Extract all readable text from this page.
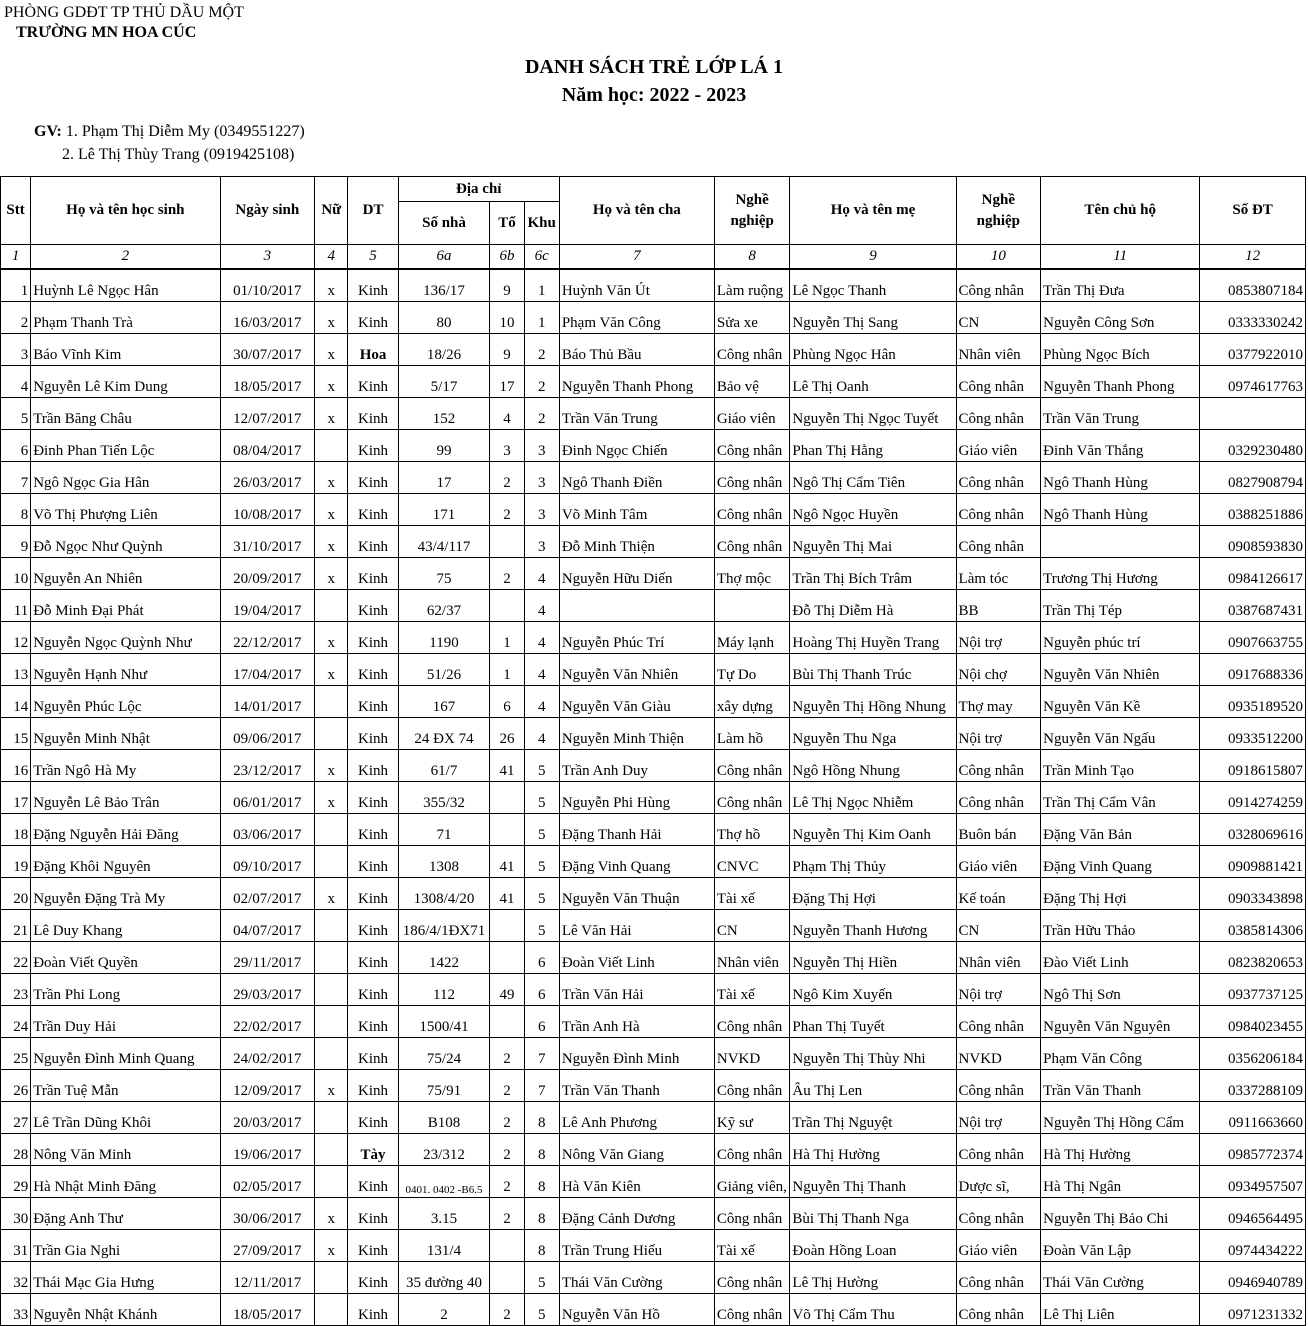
PHÒNG GDĐT TP THỦ DẦU MỘT
TRƯỜNG MN HOA CÚC
DANH SÁCH TRẺ LỚP LÁ 1
Năm học: 2022 - 2023
GV: 1. Phạm Thị Diễm My (0349551227)
2. Lê Thị Thùy Trang (0919425108)
Stt	Họ và tên học sinh	Ngày sinh	Nữ	DT	Địa chỉ			Họ và tên cha	Nghề nghiệp	Họ và tên mẹ	Nghề nghiệp	Tên chủ hộ	Số ĐT
					Số nhà	Tổ	Khu						
1	2	3	4	5	6a	6b	6c	7	8	9	10	11	12
1	Huỳnh Lê Ngọc Hân	01/10/2017	x	Kinh	136/17	9	1	Huỳnh Văn Út	Làm ruộng	Lê Ngọc Thanh	Công nhân	Trần Thị Đưa	0853807184
2	Phạm Thanh Trà	16/03/2017	x	Kinh	80	10	1	Phạm Văn Công	Sửa xe	Nguyễn Thị Sang	CN	Nguyễn Công Sơn	0333330242
3	Báo Vĩnh Kim	30/07/2017	x	Hoa	18/26	9	2	Báo Thủ Bầu	Công nhân	Phùng Ngọc Hân	Nhân viên	Phùng Ngọc Bích	0377922010
4	Nguyễn Lê Kim Dung	18/05/2017	x	Kinh	5/17	17	2	Nguyễn Thanh Phong	Bảo vệ	Lê Thị Oanh	Công nhân	Nguyễn Thanh Phong	0974617763
5	Trần Băng Châu	12/07/2017	x	Kinh	152	4	2	Trần Văn Trung	Giáo viên	Nguyễn Thị Ngọc Tuyết	Công nhân	Trần Văn Trung	
6	Đinh Phan Tiến Lộc	08/04/2017		Kinh	99	3	3	Đinh Ngọc Chiến	Công nhân	Phan Thị Hằng	Giáo viên	Đinh Văn Thắng	0329230480
7	Ngô Ngọc Gia Hân	26/03/2017	x	Kinh	17	2	3	Ngô Thanh Điền	Công nhân	Ngô Thị Cẩm Tiên	Công nhân	Ngô Thanh Hùng	0827908794
8	Võ Thị Phượng Liên	10/08/2017	x	Kinh	171	2	3	Võ Minh Tâm	Công nhân	Ngô Ngọc Huyền	Công nhân	Ngô Thanh Hùng	0388251886
9	Đỗ Ngọc Như Quỳnh	31/10/2017	x	Kinh	43/4/117		3	Đỗ Minh Thiện	Công nhân	Nguyễn Thị Mai	Công nhân		0908593830
10	Nguyễn An Nhiên	20/09/2017	x	Kinh	75	2	4	Nguyễn Hữu Diến	Thợ mộc	Trần Thị Bích Trâm	Làm tóc	Trương Thị Hương	0984126617
11	Đỗ Minh Đại Phát	19/04/2017		Kinh	62/37		4			Đỗ Thị Diễm Hà	BB	Trần Thị Tép	0387687431
12	Nguyễn Ngọc Quỳnh Như	22/12/2017	x	Kinh	1190	1	4	Nguyễn Phúc Trí	Máy lạnh	Hoàng Thị Huyền Trang	Nội trợ	Nguyễn phúc trí	0907663755
13	Nguyễn Hạnh Như	17/04/2017	x	Kinh	51/26	1	4	Nguyễn Văn Nhiên	Tự Do	Bùi Thị Thanh Trúc	Nội chợ	Nguyễn Văn Nhiên	0917688336
14	Nguyễn Phúc Lộc	14/01/2017		Kinh	167	6	4	Nguyễn Văn Giàu	xây dựng	Nguyễn Thị Hồng Nhung	Thợ may	Nguyễn Văn Kề	0935189520
15	Nguyễn Minh Nhật	09/06/2017		Kinh	24 ĐX 74	26	4	Nguyễn Minh Thiện	Làm hồ	Nguyễn Thu Nga	Nội trợ	Nguyễn Văn Ngấu	0933512200
16	Trần Ngô Hà My	23/12/2017	x	Kinh	61/7	41	5	Trần Anh Duy	Công nhân	Ngô Hồng Nhung	Công nhân	Trần Minh Tạo	0918615807
17	Nguyễn Lê Bảo Trân	06/01/2017	x	Kinh	355/32		5	Nguyễn Phi Hùng	Công nhân	Lê Thị Ngọc Nhiễm	Công nhân	Trần Thị Cẩm Vân	0914274259
18	Đặng Nguyễn Hải Đăng	03/06/2017		Kinh	71		5	Đặng Thanh Hải	Thợ hồ	Nguyễn Thị Kim Oanh	Buôn bán	Đặng Văn Bản	0328069616
19	Đặng Khôi Nguyên	09/10/2017		Kinh	1308	41	5	Đặng Vinh Quang	CNVC	Phạm Thị Thủy	Giáo viên	Đặng Vinh Quang	0909881421
20	Nguyễn Đặng Trà My	02/07/2017	x	Kinh	1308/4/20	41	5	Nguyễn Văn Thuận	Tài xế	Đặng Thị Hợi	Kế toán	Đặng Thị Hợi	0903343898
21	Lê Duy Khang	04/07/2017		Kinh	186/4/1ĐX71		5	Lê Văn Hải	CN	Nguyễn Thanh Hương	CN	Trần Hữu Thảo	0385814306
22	Đoàn Viết Quyền	29/11/2017		Kinh	1422		6	Đoàn Viết Linh	Nhân viên	Nguyễn Thị Hiền	Nhân viên	Đào Viết Linh	0823820653
23	Trần Phi Long	29/03/2017		Kinh	112	49	6	Trần Văn Hải	Tài xế	Ngô Kim Xuyến	Nội trợ	Ngô Thị Sơn	0937737125
24	Trần Duy Hải	22/02/2017		Kinh	1500/41		6	Trần Anh Hà	Công nhân	Phan Thị Tuyết	Công nhân	Nguyễn Văn Nguyên	0984023455
25	Nguyễn Đình Minh Quang	24/02/2017		Kinh	75/24	2	7	Nguyễn Đình Minh	NVKD	Nguyễn Thị Thùy Nhi	NVKD	Phạm Văn Công	0356206184
26	Trần Tuệ Mẫn	12/09/2017	x	Kinh	75/91	2	7	Trần Văn Thanh	Công nhân	Âu Thị Len	Công nhân	Trần Văn Thanh	0337288109
27	Lê Trần Dũng Khôi	20/03/2017		Kinh	B108	2	8	Lê Anh Phương	Kỹ sư	Trần Thị Nguyệt	Nội trợ	Nguyễn Thị Hồng Cẩm	0911663660
28	Nông Văn Minh	19/06/2017		Tày	23/312	2	8	Nông Văn Giang	Công nhân	Hà Thị Hường	Công nhân	Hà Thị Hường	0985772374
29	Hà Nhật Minh Đăng	02/05/2017		Kinh	0401. 0402 -B6.5	2	8	Hà Văn Kiên	Giảng viên,	Nguyễn Thị Thanh	Dược sĩ,	Hà Thị Ngân	0934957507
30	Đặng Anh Thư	30/06/2017	x	Kinh	3.15	2	8	Đặng Cảnh Dương	Công nhân	Bùi Thị Thanh Nga	Công nhân	Nguyễn Thị Bảo Chi	0946564495
31	Trần Gia Nghi	27/09/2017	x	Kinh	131/4		8	Trần Trung Hiếu	Tài xế	Đoàn Hồng Loan	Giáo viên	Đoàn Văn Lập	0974434222
32	Thái Mạc Gia Hưng	12/11/2017		Kinh	35 đường 40		5	Thái Văn Cường	Công nhân	Lê Thị Hường	Công nhân	Thái Văn Cường	0946940789
33	Nguyễn Nhật Khánh	18/05/2017		Kinh	2	2	5	Nguyễn Văn Hồ	Công nhân	Võ Thị Cẩm Thu	Công nhân	Lê Thị Liên	0971231332
